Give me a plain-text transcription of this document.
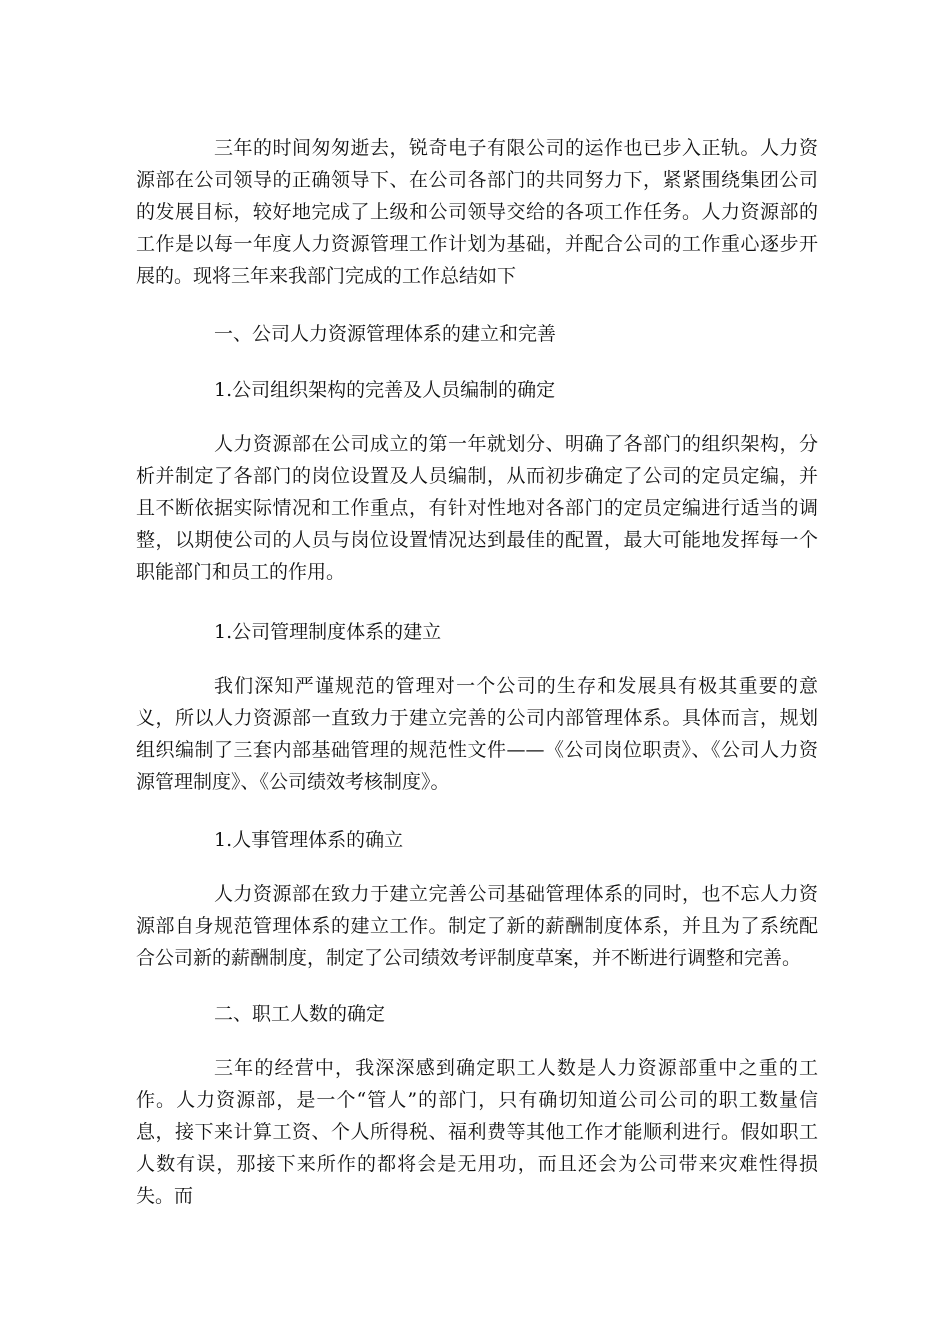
三年的时间匆匆逝去，锐奇电子有限公司的运作也已步入正轨。人力资源部在公司领导的正确领导下、在公司各部门的共同努力下，紧紧围绕集团公司的发展目标，较好地完成了上级和公司领导交给的各项工作任务。人力资源部的工作是以每一年度人力资源管理工作计划为基础，并配合公司的工作重心逐步开展的。现将三年来我部门完成的工作总结如下

一、公司人力资源管理体系的建立和完善

1.公司组织架构的完善及人员编制的确定

人力资源部在公司成立的第一年就划分、明确了各部门的组织架构，分析并制定了各部门的岗位设置及人员编制，从而初步确定了公司的定员定编，并且不断依据实际情况和工作重点，有针对性地对各部门的定员定编进行适当的调整，以期使公司的人员与岗位设置情况达到最佳的配置，最大可能地发挥每一个职能部门和员工的作用。

1.公司管理制度体系的建立

我们深知严谨规范的管理对一个公司的生存和发展具有极其重要的意义，所以人力资源部一直致力于建立完善的公司内部管理体系。具体而言，规划组织编制了三套内部基础管理的规范性文件——《公司岗位职责》、《公司人力资源管理制度》、《公司绩效考核制度》。

1.人事管理体系的确立

人力资源部在致力于建立完善公司基础管理体系的同时，也不忘人力资源部自身规范管理体系的建立工作。制定了新的薪酬制度体系，并且为了系统配合公司新的薪酬制度，制定了公司绩效考评制度草案，并不断进行调整和完善。

二、职工人数的确定

三年的经营中，我深深感到确定职工人数是人力资源部重中之重的工作。人力资源部，是一个“管人”的部门，只有确切知道公司公司的职工数量信息，接下来计算工资、个人所得税、福利费等其他工作才能顺利进行。假如职工人数有误，那接下来所作的都将会是无用功，而且还会为公司带来灾难性得损失。而
